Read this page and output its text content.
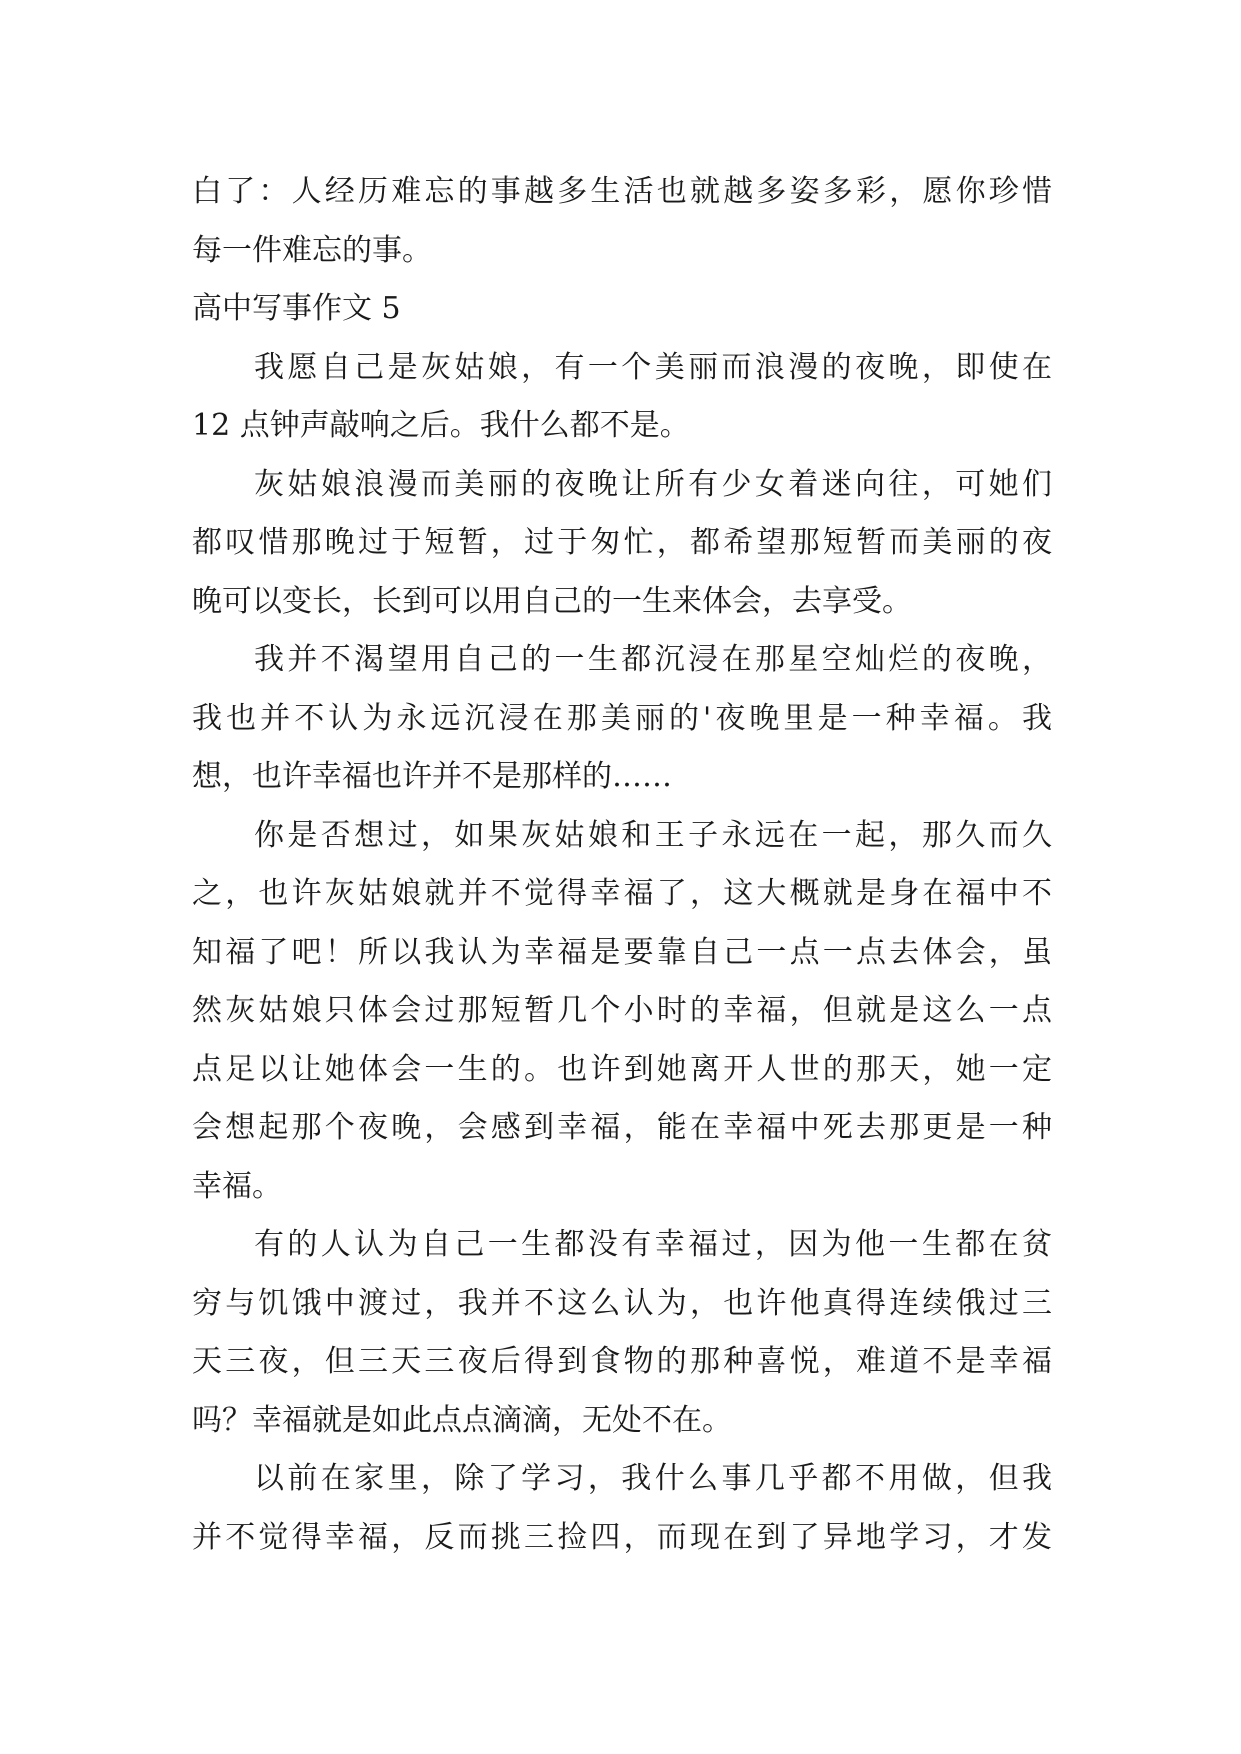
白了：人经历难忘的事越多生活也就越多姿多彩，愿你珍惜
每一件难忘的事。
高中写事作文 5
我愿自己是灰姑娘，有一个美丽而浪漫的夜晚，即使在
12 点钟声敲响之后。我什么都不是。
灰姑娘浪漫而美丽的夜晚让所有少女着迷向往，可她们
都叹惜那晚过于短暂，过于匆忙，都希望那短暂而美丽的夜
晚可以变长，长到可以用自己的一生来体会，去享受。
我并不渴望用自己的一生都沉浸在那星空灿烂的夜晚，
我也并不认为永远沉浸在那美丽的'夜晚里是一种幸福。我
想，也许幸福也许并不是那样的……
你是否想过，如果灰姑娘和王子永远在一起，那久而久
之，也许灰姑娘就并不觉得幸福了，这大概就是身在福中不
知福了吧！所以我认为幸福是要靠自己一点一点去体会，虽
然灰姑娘只体会过那短暂几个小时的幸福，但就是这么一点
点足以让她体会一生的。也许到她离开人世的那天，她一定
会想起那个夜晚，会感到幸福，能在幸福中死去那更是一种
幸福。
有的人认为自己一生都没有幸福过，因为他一生都在贫
穷与饥饿中渡过，我并不这么认为，也许他真得连续俄过三
天三夜，但三天三夜后得到食物的那种喜悦，难道不是幸福
吗？幸福就是如此点点滴滴，无处不在。
以前在家里，除了学习，我什么事几乎都不用做，但我
并不觉得幸福，反而挑三捡四，而现在到了异地学习，才发
